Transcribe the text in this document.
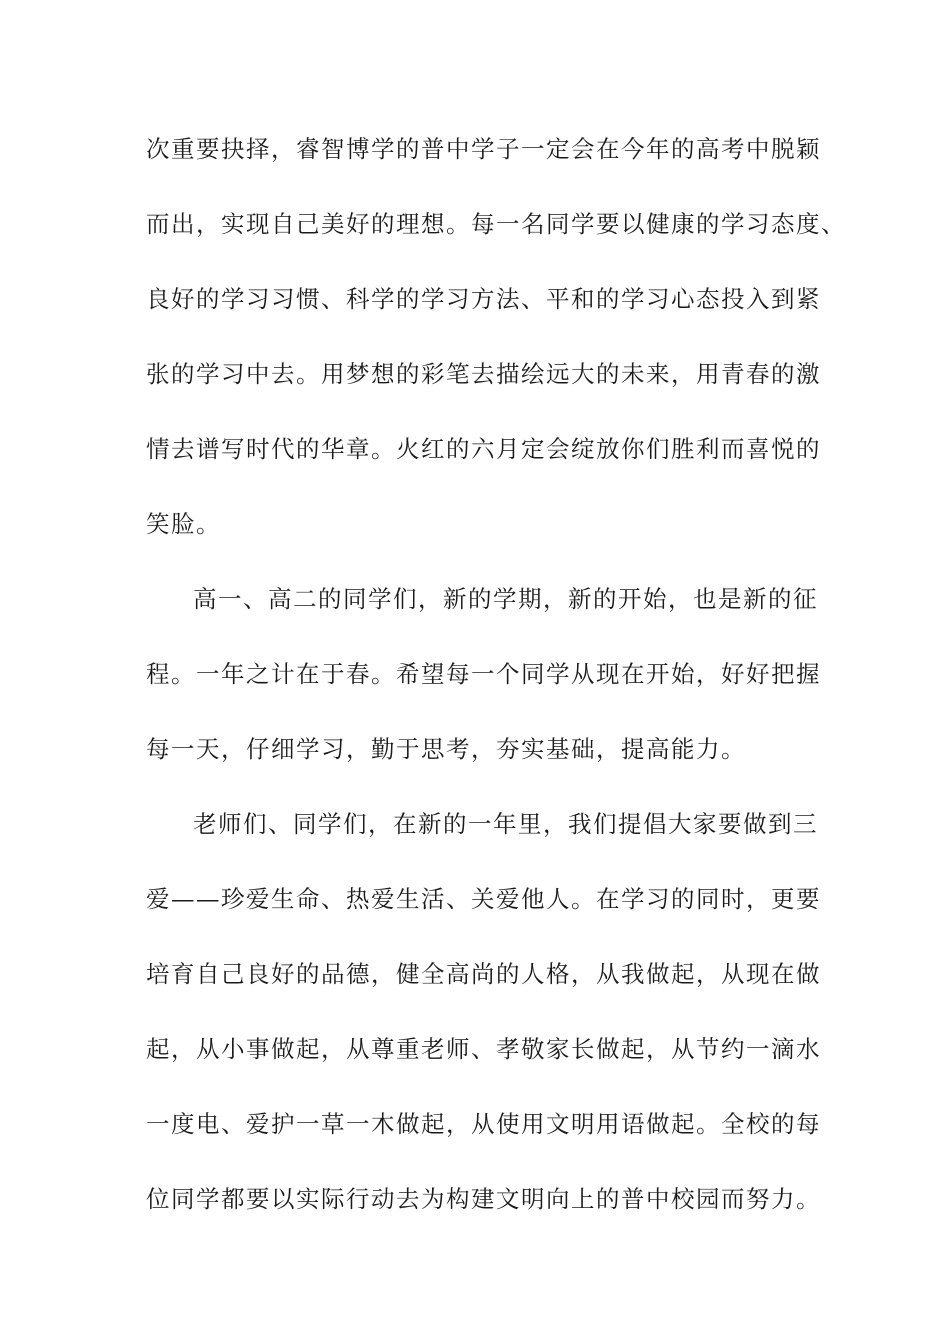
次重要抉择，睿智博学的普中学子一定会在今年的高考中脱颖
而出，实现自己美好的理想。每一名同学要以健康的学习态度、
良好的学习习惯、科学的学习方法、平和的学习心态投入到紧
张的学习中去。用梦想的彩笔去描绘远大的未来，用青春的激
情去谱写时代的华章。火红的六月定会绽放你们胜利而喜悦的
笑脸。
高一、高二的同学们，新的学期，新的开始，也是新的征
程。一年之计在于春。希望每一个同学从现在开始，好好把握
每一天，仔细学习，勤于思考，夯实基础，提高能力。
老师们、同学们，在新的一年里，我们提倡大家要做到三
爱——珍爱生命、热爱生活、关爱他人。在学习的同时，更要
培育自己良好的品德，健全高尚的人格，从我做起，从现在做
起，从小事做起，从尊重老师、孝敬家长做起，从节约一滴水
一度电、爱护一草一木做起，从使用文明用语做起。全校的每
位同学都要以实际行动去为构建文明向上的普中校园而努力。
